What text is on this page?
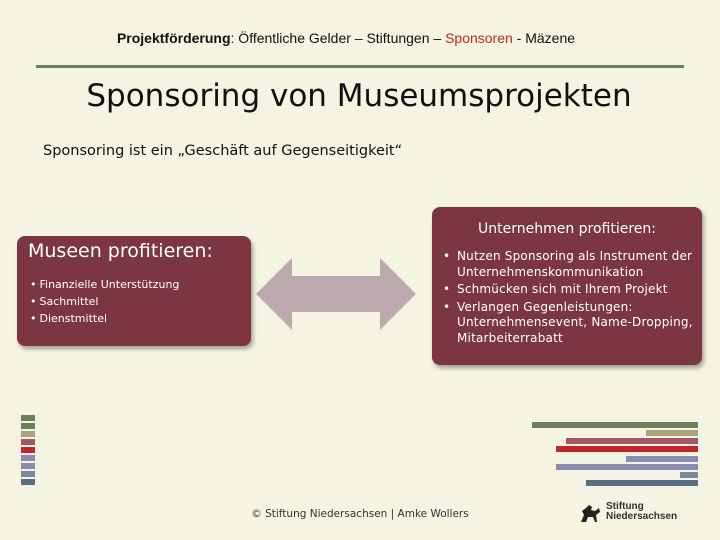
Projektförderung: Öffentliche Gelder – Stiftungen – Sponsoren - Mäzene
Sponsoring von Museumsprojekten
Sponsoring ist ein „Geschäft auf Gegenseitigkeit“
Museen profitieren:
• Finanzielle Unterstützung
• Sachmittel
• Dienstmittel
Unternehmen profitieren:
• Nutzen Sponsoring als Instrument der Unternehmenskommunikation
• Schmücken sich mit Ihrem Projekt
• Verlangen Gegenleistungen: Unternehmensevent, Name-Dropping, Mitarbeiterrabatt
© Stiftung Niedersachsen | Amke Wollers
Stiftung
Niedersachsen
